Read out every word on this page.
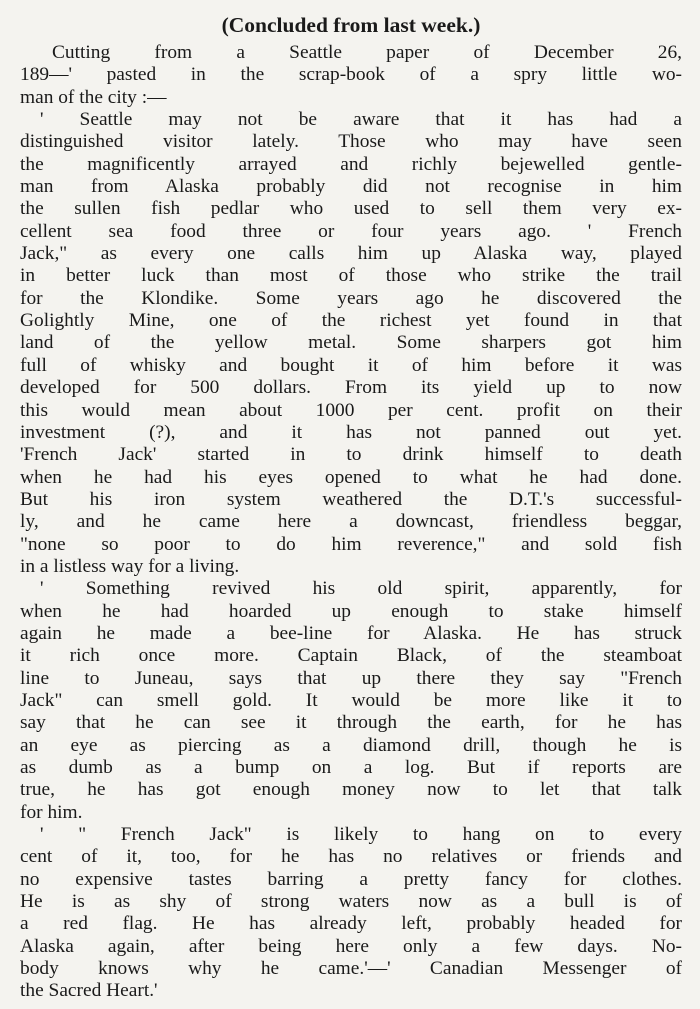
(Concluded from last week.)
Cutting from a Seattle paper of December 26,
189—' pasted in the scrap-book of a spry little wo-
man of the city :—
' Seattle may not be aware that it has had a
distinguished visitor lately. Those who may have seen
the magnificently arrayed and richly bejewelled gentle-
man from Alaska probably did not recognise in him
the sullen fish pedlar who used to sell them very ex-
cellent sea food three or four years ago. ' French
Jack," as every one calls him up Alaska way, played
in better luck than most of those who strike the trail
for the Klondike. Some years ago he discovered the
Golightly Mine, one of the richest yet found in that
land of the yellow metal. Some sharpers got him
full of whisky and bought it of him before it was
developed for 500 dollars. From its yield up to now
this would mean about 1000 per cent. profit on their
investment (?), and it has not panned out yet.
'French Jack' started in to drink himself to death
when he had his eyes opened to what he had done.
But his iron system weathered the D.T.'s successful-
ly, and he came here a downcast, friendless beggar,
"none so poor to do him reverence," and sold fish
in a listless way for a living.
' Something revived his old spirit, apparently, for
when he had hoarded up enough to stake himself
again he made a bee-line for Alaska. He has struck
it rich once more. Captain Black, of the steamboat
line to Juneau, says that up there they say "French
Jack" can smell gold. It would be more like it to
say that he can see it through the earth, for he has
an eye as piercing as a diamond drill, though he is
as dumb as a bump on a log. But if reports are
true, he has got enough money now to let that talk
for him.
' " French Jack" is likely to hang on to every
cent of it, too, for he has no relatives or friends and
no expensive tastes barring a pretty fancy for clothes.
He is as shy of strong waters now as a bull is of
a red flag. He has already left, probably headed for
Alaska again, after being here only a few days. No-
body knows why he came.'—' Canadian Messenger of
the Sacred Heart.'
